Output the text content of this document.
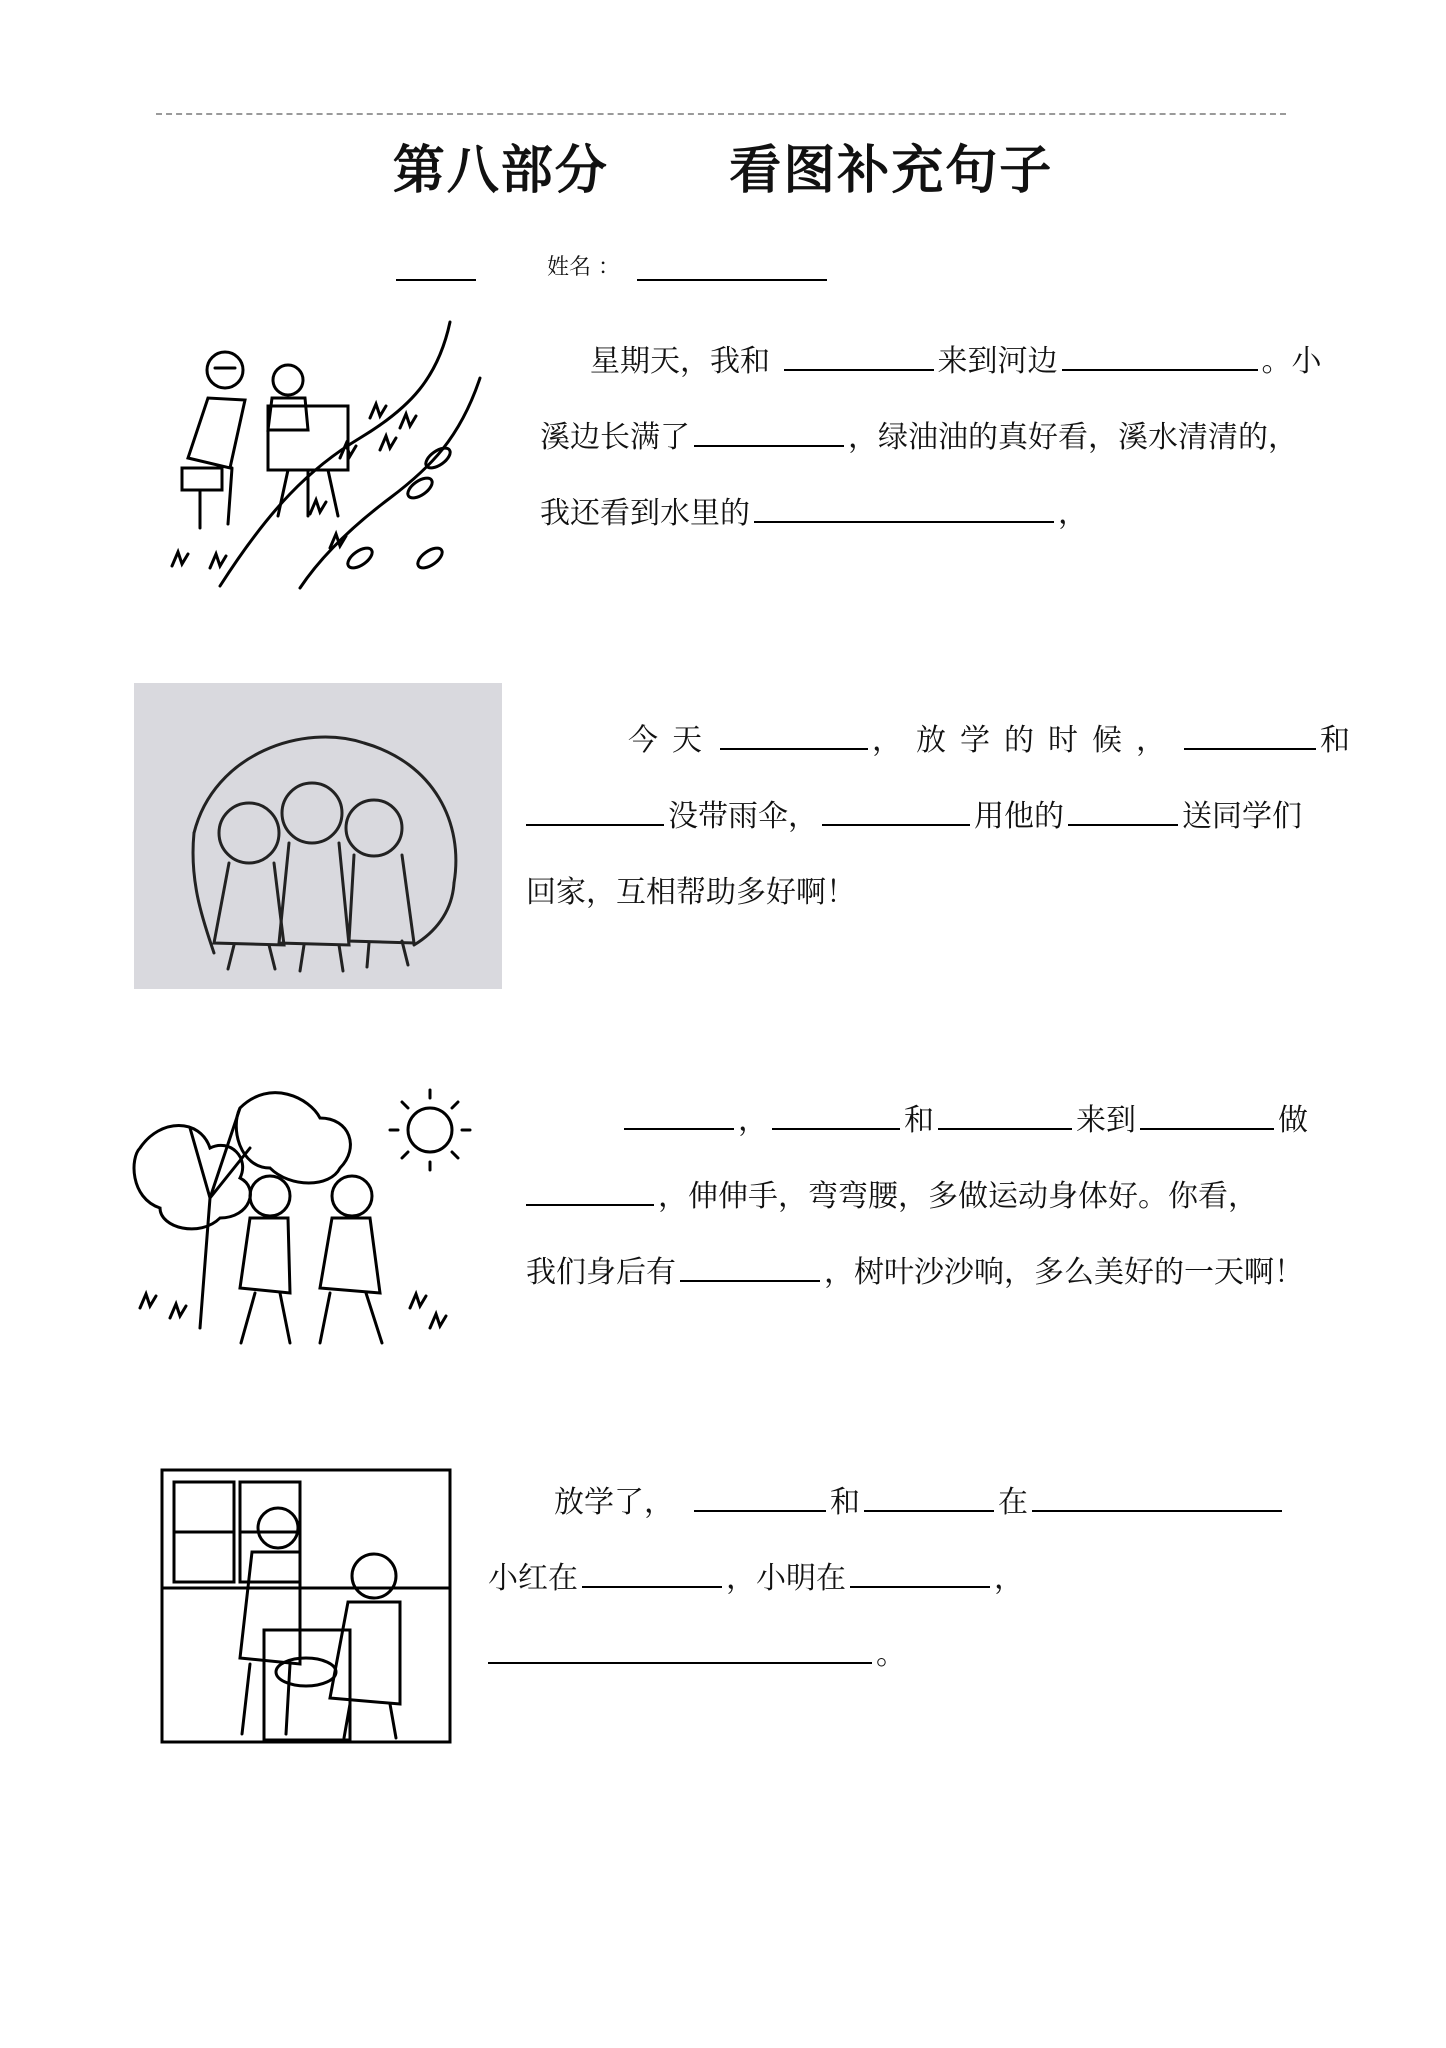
第八部分      看图补充句子
姓名 ：
星期天，我和	来到河边	。小
溪边长满了	，绿油油的真好看，溪水清清的，
我还看到水里的	，
今天	，放学的时候，	和
没带雨伞，	用他的	送同学们
回家，互相帮助多好啊！
，	和	来到	做
，伸伸手，弯弯腰，多做运动身体好。你看，
我们身后有	，树叶沙沙响，多么美好的一天啊！
放学了，	和	在
小红在	，小明在	，
。
